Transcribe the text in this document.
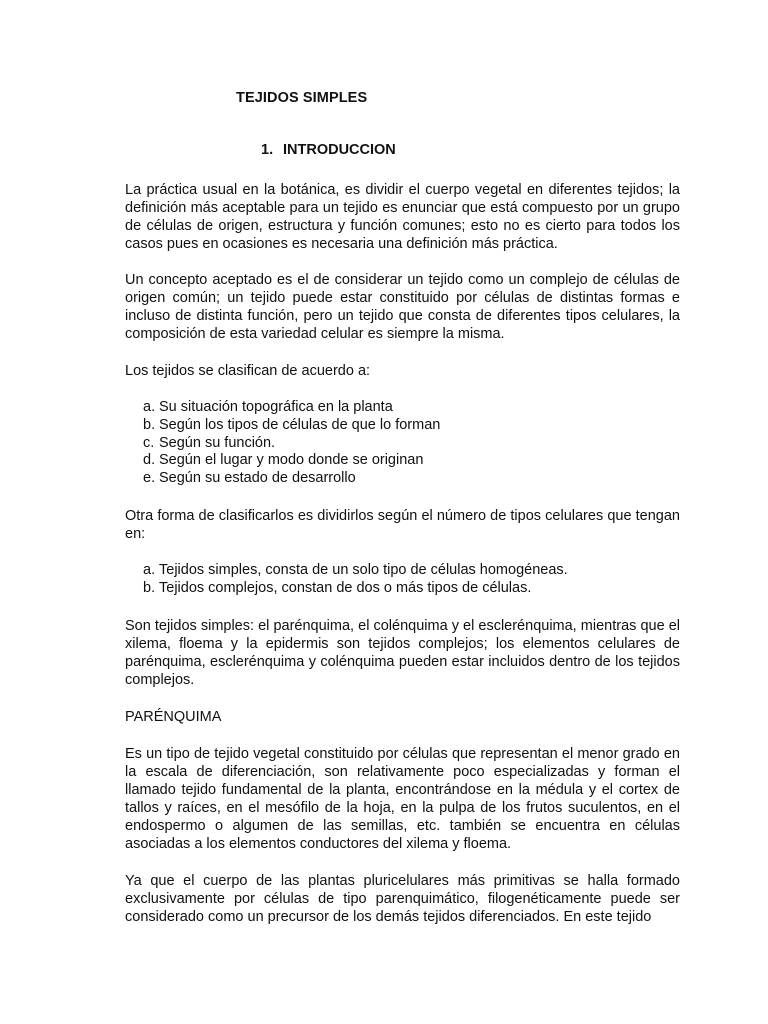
TEJIDOS SIMPLES
1. INTRODUCCION

La práctica usual en la botánica, es dividir el cuerpo vegetal en diferentes tejidos; la definición más aceptable para un tejido es enunciar que está compuesto por un grupo de células de origen, estructura y función comunes; esto no es cierto para todos los casos pues en ocasiones es necesaria una definición más práctica.

Un concepto aceptado es el de considerar un tejido como un complejo de células de origen común; un tejido puede estar constituido por células de distintas formas e incluso de distinta función, pero un tejido que consta de diferentes tipos celulares, la composición de esta variedad celular es siempre la misma.

Los tejidos se clasifican de acuerdo a:

a. Su situación topográfica en la planta
b. Según los tipos de células de que lo forman
c. Según su función.
d. Según el lugar y modo donde se originan
e. Según su estado de desarrollo

Otra forma de clasificarlos es dividirlos según el número de tipos celulares que tengan en:

a. Tejidos simples, consta de un solo tipo de células homogéneas.
b. Tejidos complejos, constan de dos o más tipos de células.

Son tejidos simples: el parénquima, el colénquima y el esclerénquima, mientras que el xilema, floema y la epidermis son tejidos complejos; los elementos celulares de parénquima, esclerénquima y colénquima pueden estar incluidos dentro de los tejidos complejos.

PARÉNQUIMA

Es un tipo de tejido vegetal constituido por células que representan el menor grado en la escala de diferenciación, son relativamente poco especializadas y forman el llamado tejido fundamental de la planta, encontrándose en la médula y el cortex de tallos y raíces, en el mesófilo de la hoja, en la pulpa de los frutos suculentos, en el endospermo o algumen de las semillas, etc. también se encuentra en células asociadas a los elementos conductores del xilema y floema.

Ya que el cuerpo de las plantas pluricelulares más primitivas se halla formado exclusivamente por células de tipo parenquimático, filogenéticamente puede ser considerado como un precursor de los demás tejidos diferenciados. En este tejido
